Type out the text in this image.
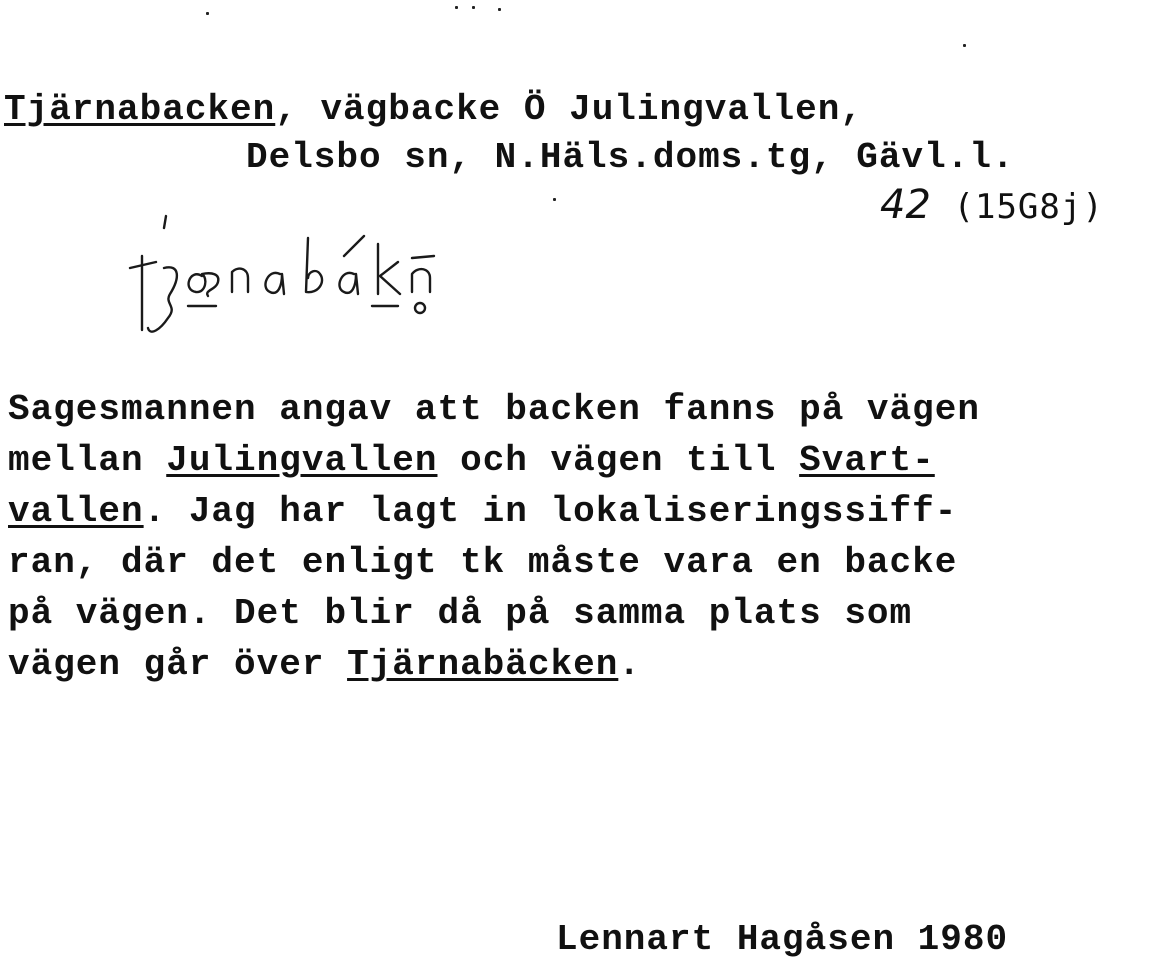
Tjärnabacken, vägbacke Ö Julingvallen,
Delsbo sn, N.Häls.doms.tg, Gävl.l.
42 (15G8j)
tjǣnabákn̥
Sagesmannen angav att backen fanns på vägen
mellan Julingvallen och vägen till Svart-
vallen. Jag har lagt in lokaliseringssiff-
ran, där det enligt tk måste vara en backe
på vägen. Det blir då på samma plats som
vägen går över Tjärnabäcken.
Lennart Hagåsen 1980
